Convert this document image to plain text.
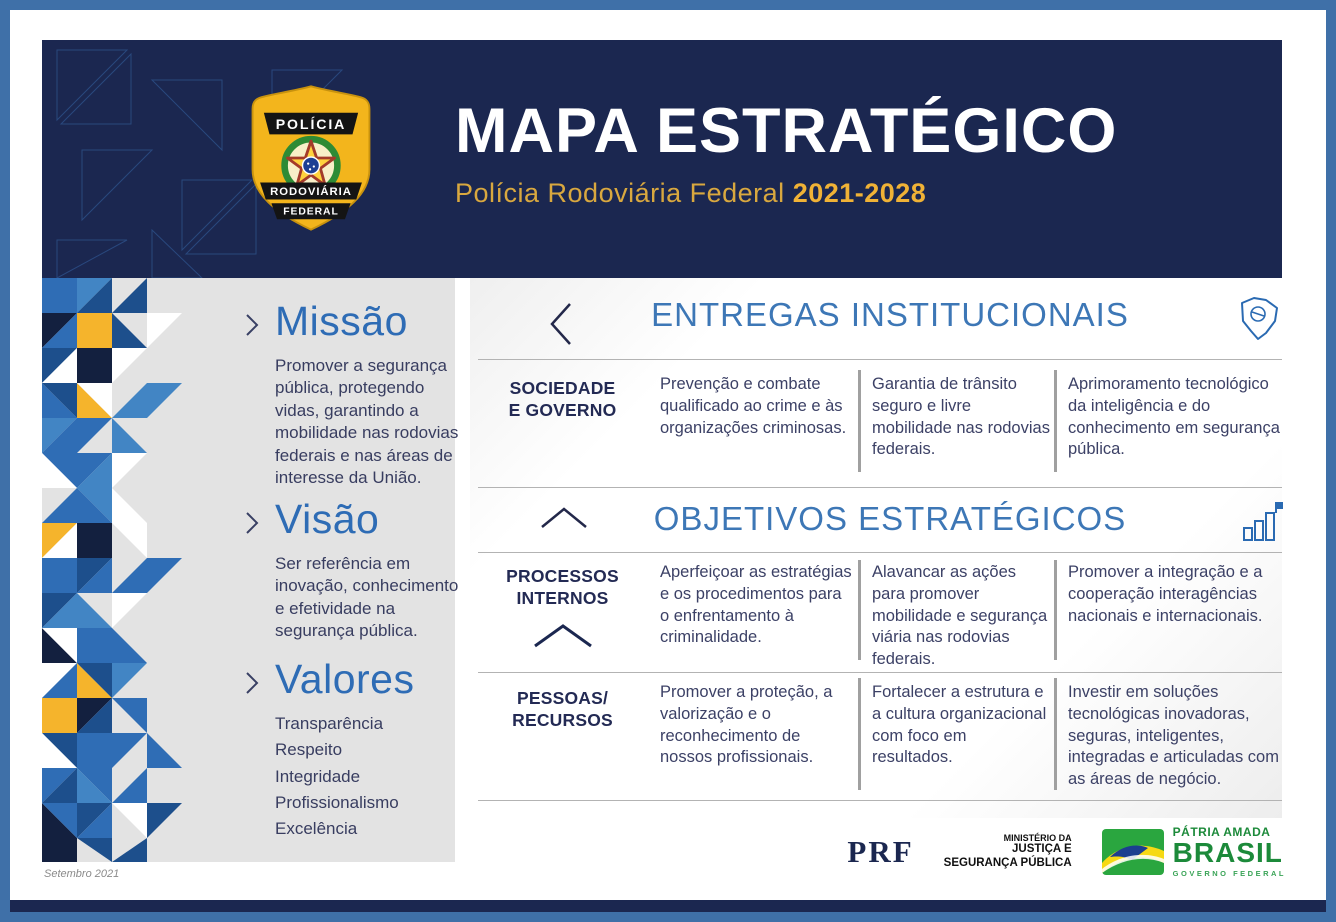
POLÍCIA
RODOVIÁRIA
FEDERAL
MAPA ESTRATÉGICO
Polícia Rodoviária Federal 2021-2028
Missão

Promover a segurança pública, protegendo vidas, garantindo a mobilidade nas rodovias federais e nas áreas de interesse da União.

Visão

Ser referência em inovação, conhecimento e efetividade na segurança pública.

Valores
Transparência
Respeito
Integridade
Profissionalismo
Excelência
Setembro 2021
ENTREGAS INSTITUCIONAIS
SOCIEDADE
E GOVERNO
Prevenção e combate qualificado ao crime e às organizações criminosas.
Garantia de trânsito seguro e livre mobilidade nas rodovias federais.
Aprimoramento tecnológico da inteligência e do conhecimento em segurança pública.
OBJETIVOS ESTRATÉGICOS
PROCESSOS
INTERNOS
Aperfeiçoar as estratégias e os procedimentos para o enfrentamento à criminalidade.
Alavancar as ações para promover mobilidade e segurança viária nas rodovias federais.
Promover a integração e a cooperação interagências nacionais e internacionais.
PESSOAS/
RECURSOS
Promover a proteção, a valorização e o reconhecimento de nossos profissionais.
Fortalecer a estrutura e a cultura organizacional com foco em resultados.
Investir em soluções tecnológicas inovadoras, seguras, inteligentes, integradas e articuladas com as áreas de negócio.
PRF	MINISTÉRIO DA
JUSTIÇA E
SEGURANÇA PÚBLICA
PÁTRIA AMADA
BRASIL
GOVERNO FEDERAL
